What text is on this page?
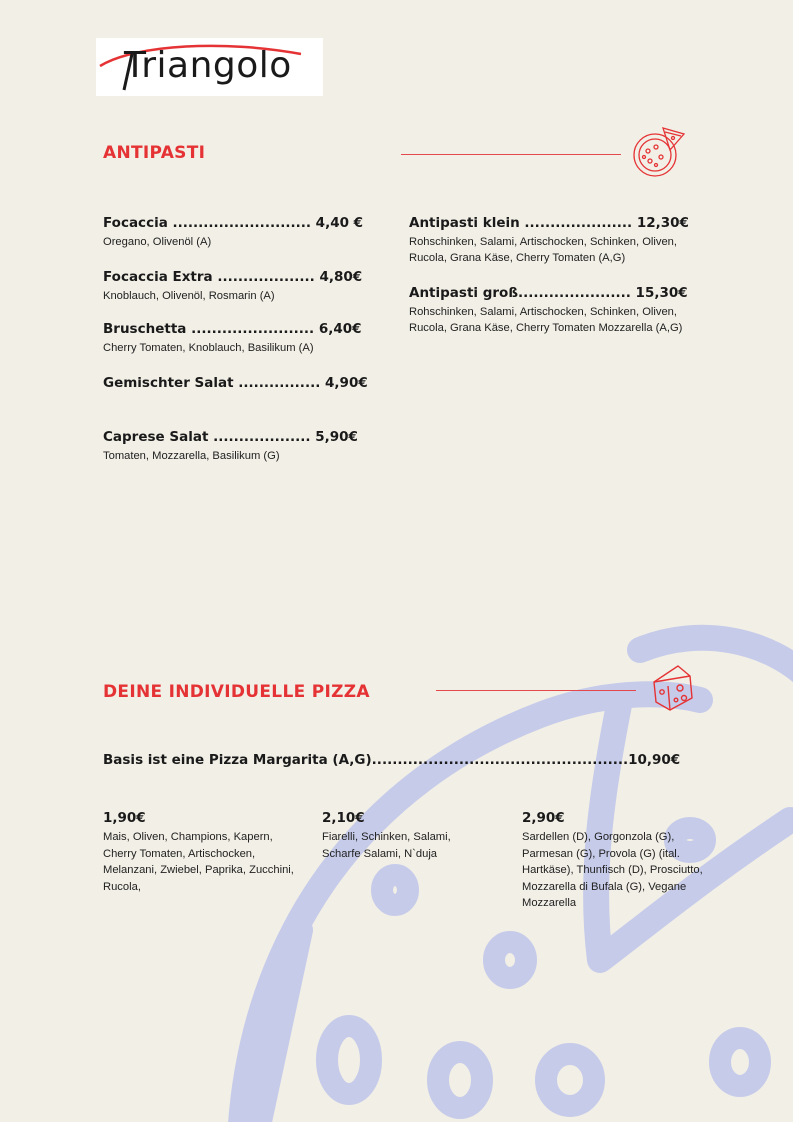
Triangolo
ANTIPASTI
Focaccia ........................... 4,40 €
Oregano, Olivenöl (A)
Focaccia Extra ................... 4,80€
Knoblauch, Olivenöl, Rosmarin (A)
Bruschetta ........................ 6,40€
Cherry Tomaten, Knoblauch, Basilikum (A)
Gemischter Salat ................ 4,90€
Caprese Salat ................... 5,90€
Tomaten, Mozzarella, Basilikum (G)
Antipasti klein ..................... 12,30€
Rohschinken, Salami, Artischocken, Schinken, Oliven, Rucola, Grana Käse, Cherry Tomaten (A,G)
Antipasti groß...................... 15,30€
Rohschinken, Salami, Artischocken, Schinken, Oliven, Rucola, Grana Käse, Cherry Tomaten Mozzarella (A,G)
DEINE INDIVIDUELLE PIZZA
Basis ist eine Pizza Margarita (A,G)..................................................10,90€
1,90€
Mais, Oliven, Champions, Kapern, Cherry Tomaten, Artischocken, Melanzani, Zwiebel, Paprika, Zucchini, Rucola,
2,10€
Fiarelli, Schinken, Salami, Scharfe Salami, N`duja
2,90€
Sardellen (D), Gorgonzola (G), Parmesan (G), Provola (G) (ital. Hartkäse), Thunfisch (D), Prosciutto, Mozzarella di Bufala (G), Vegane Mozzarella
